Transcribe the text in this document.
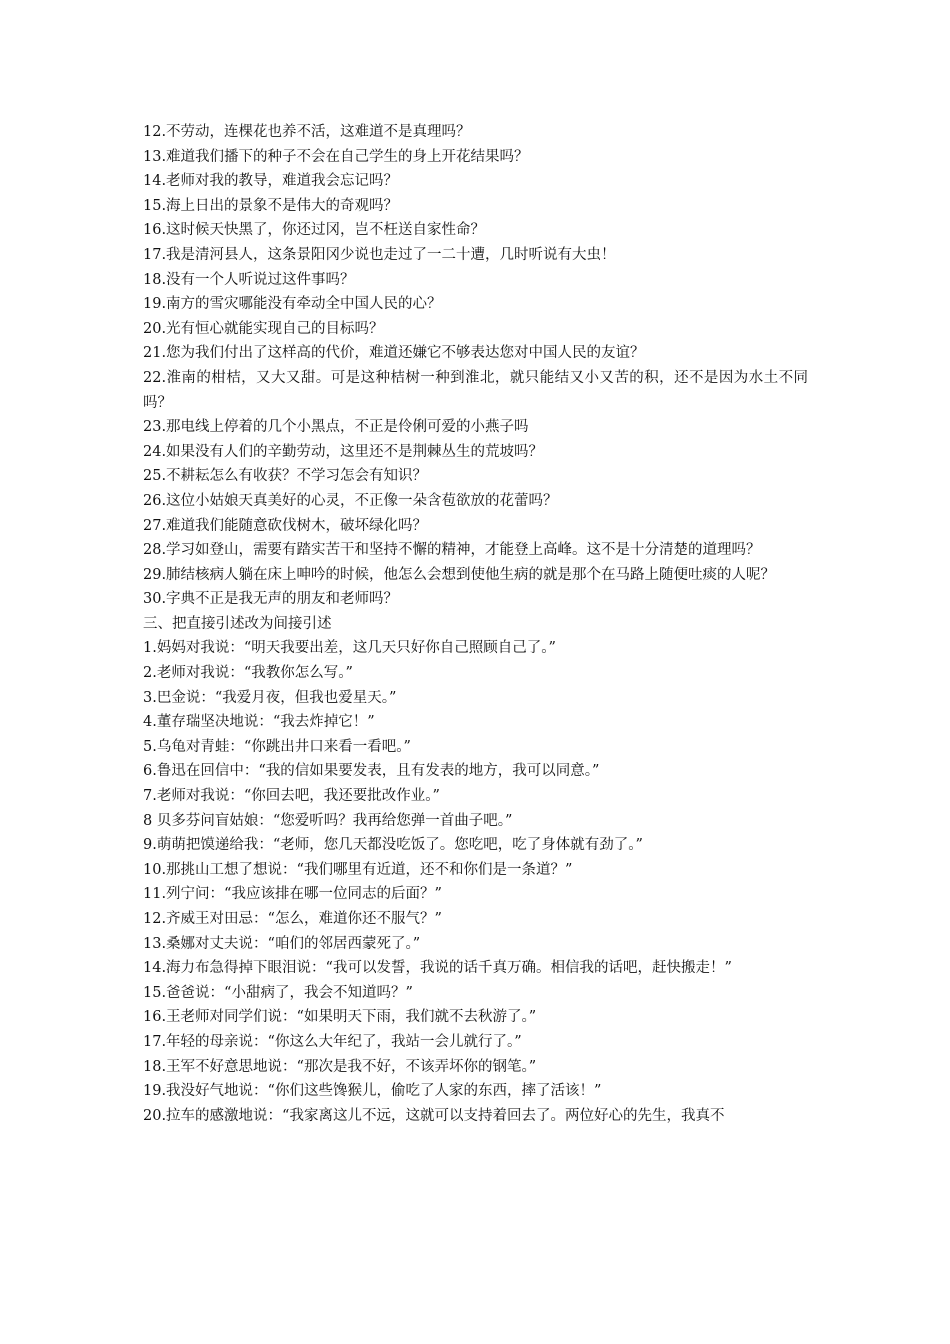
12.不劳动，连棵花也养不活，这难道不是真理吗？

13.难道我们播下的种子不会在自己学生的身上开花结果吗？

14.老师对我的教导，难道我会忘记吗？

15.海上日出的景象不是伟大的奇观吗？

16.这时候天快黑了，你还过冈，岂不枉送自家性命？

17.我是清河县人，这条景阳冈少说也走过了一二十遭，几时听说有大虫！

18.没有一个人听说过这件事吗？

19.南方的雪灾哪能没有牵动全中国人民的心？

20.光有恒心就能实现自己的目标吗？

21.您为我们付出了这样高的代价，难道还嫌它不够表达您对中国人民的友谊？

22.淮南的柑桔，又大又甜。可是这种桔树一种到淮北，就只能结又小又苦的积，还不是因为水土不同吗？

23.那电线上停着的几个小黑点，不正是伶俐可爱的小燕子吗

24.如果没有人们的辛勤劳动，这里还不是荆棘丛生的荒坡吗？

25.不耕耘怎么有收获？不学习怎会有知识？

26.这位小姑娘天真美好的心灵，不正像一朵含苞欲放的花蕾吗？

27.难道我们能随意砍伐树木，破坏绿化吗？

28.学习如登山，需要有踏实苦干和坚持不懈的精神，才能登上高峰。这不是十分清楚的道理吗？

29.肺结核病人躺在床上呻吟的时候，他怎么会想到使他生病的就是那个在马路上随便吐痰的人呢？

30.字典不正是我无声的朋友和老师吗？

三、把直接引述改为间接引述

1.妈妈对我说：“明天我要出差，这几天只好你自己照顾自己了。”

2.老师对我说：“我教你怎么写。”

3.巴金说：“我爱月夜，但我也爱星天。”

4.董存瑞坚决地说：“我去炸掉它！”

5.乌龟对青蛙：“你跳出井口来看一看吧。”

6.鲁迅在回信中：“我的信如果要发表，且有发表的地方，我可以同意。”

7.老师对我说：“你回去吧，我还要批改作业。”

8 贝多芬问盲姑娘：“您爱听吗？我再给您弹一首曲子吧。”

9.萌萌把馍递给我：“老师，您几天都没吃饭了。您吃吧，吃了身体就有劲了。”

10.那挑山工想了想说：“我们哪里有近道，还不和你们是一条道？”

11.列宁问：“我应该排在哪一位同志的后面？”

12.齐威王对田忌：“怎么，难道你还不服气？”

13.桑娜对丈夫说：“咱们的邻居西蒙死了。”

14.海力布急得掉下眼泪说：“我可以发誓，我说的话千真万确。相信我的话吧，赶快搬走！”

15.爸爸说：“小甜病了，我会不知道吗？”

16.王老师对同学们说：“如果明天下雨，我们就不去秋游了。”

17.年轻的母亲说：“你这么大年纪了，我站一会儿就行了。”

18.王军不好意思地说：“那次是我不好，不该弄坏你的钢笔。”

19.我没好气地说：“你们这些馋猴儿，偷吃了人家的东西，摔了活该！”

20.拉车的感激地说：“我家离这儿不远，这就可以支持着回去了。两位好心的先生，我真不
